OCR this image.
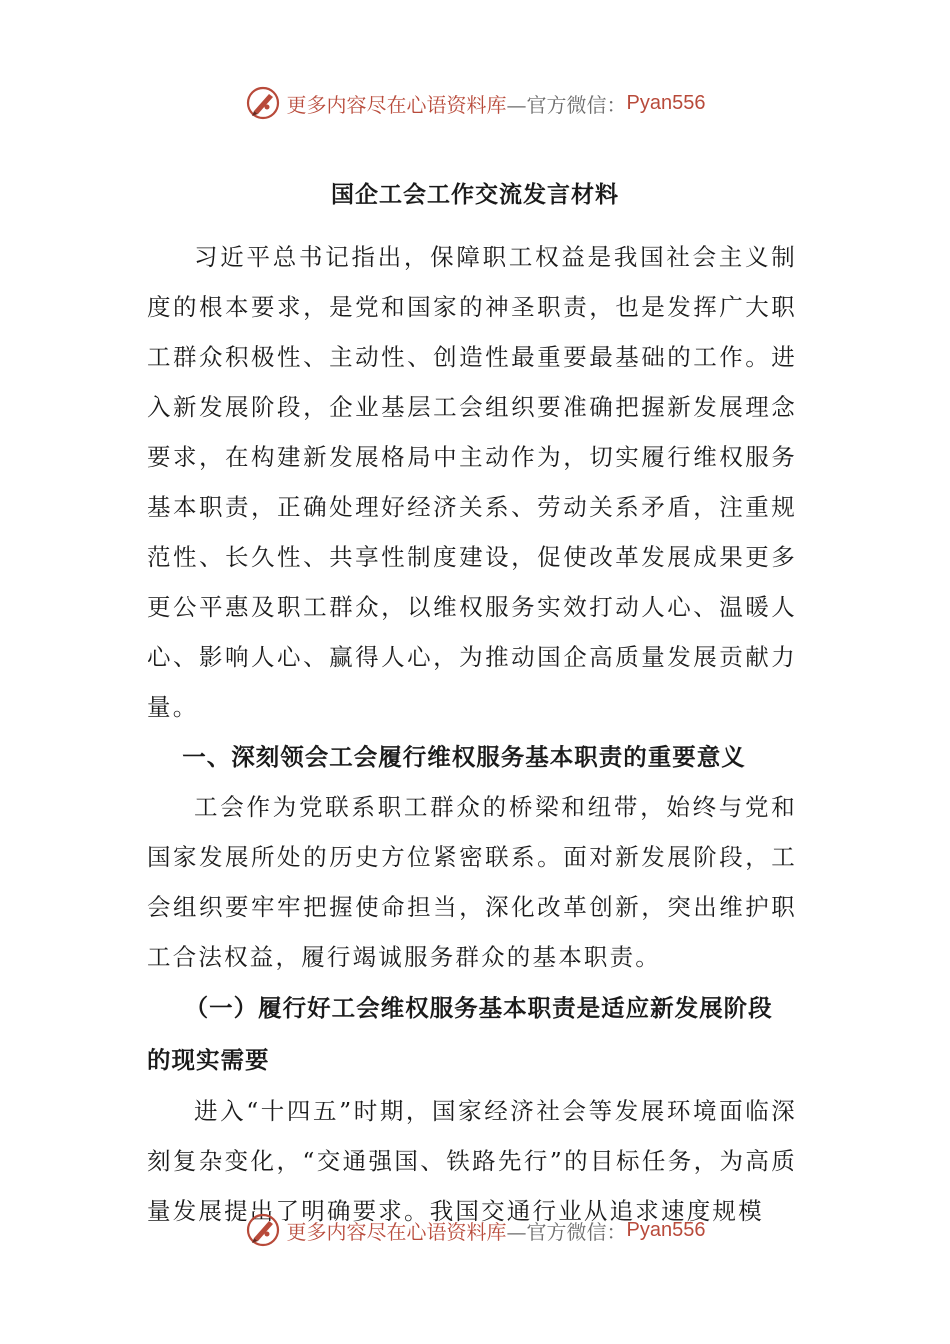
更多内容尽在心语资料库 —官方微信： Pyan556
国企工会工作交流发言材料

习近平总书记指出，保障职工权益是我国社会主义制度的根本要求，是党和国家的神圣职责，也是发挥广大职工群众积极性、主动性、创造性最重要最基础的工作。进入新发展阶段，企业基层工会组织要准确把握新发展理念要求，在构建新发展格局中主动作为，切实履行维权服务基本职责，正确处理好经济关系、劳动关系矛盾，注重规范性、长久性、共享性制度建设，促使改革发展成果更多更公平惠及职工群众，以维权服务实效打动人心、温暖人心、影响人心、赢得人心，为推动国企高质量发展贡献力量。

一、深刻领会工会履行维权服务基本职责的重要意义

工会作为党联系职工群众的桥梁和纽带，始终与党和国家发展所处的历史方位紧密联系。面对新发展阶段，工会组织要牢牢把握使命担当，深化改革创新，突出维护职工合法权益，履行竭诚服务群众的基本职责。

（一）履行好工会维权服务基本职责是适应新发展阶段的现实需要

进入“十四五”时期，国家经济社会等发展环境面临深刻复杂变化，“交通强国、铁路先行”的目标任务，为高质量发展提出了明确要求。我国交通行业从追求速度规模

更多内容尽在心语资料库 —官方微信： Pyan556
